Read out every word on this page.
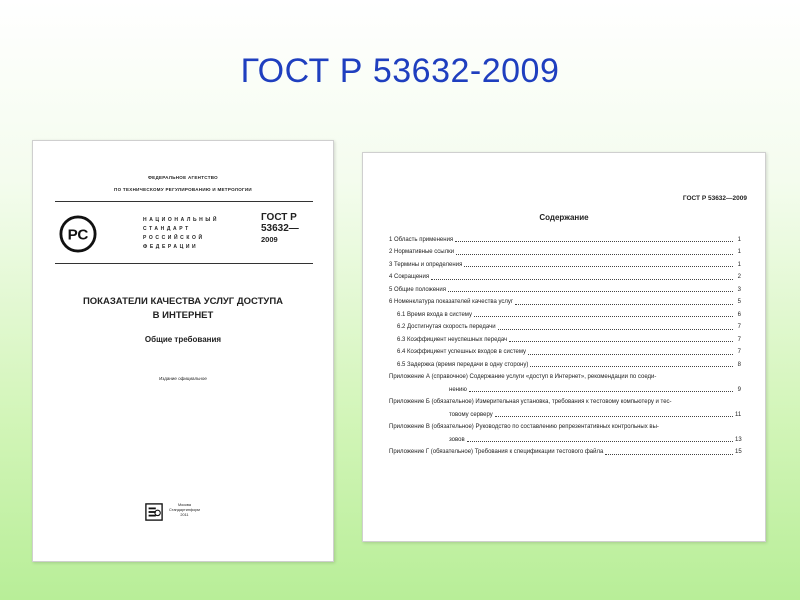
ГОСТ Р 53632-2009
ФЕДЕРАЛЬНОЕ АГЕНТСТВО
ПО ТЕХНИЧЕСКОМУ РЕГУЛИРОВАНИЮ И МЕТРОЛОГИИ
РС
НАЦИОНАЛЬНЫЙ
СТАНДАРТ
РОССИЙСКОЙ
ФЕДЕРАЦИИ
ГОСТ Р
53632—
2009
ПОКАЗАТЕЛИ КАЧЕСТВА УСЛУГ ДОСТУПА
В ИНТЕРНЕТ
Общие требования
Издание официальное
Москва
Стандартинформ
2011
ГОСТ Р 53632—2009
Содержание
1 Область применения	1
2 Нормативные ссылки	1
3 Термины и определения	1
4 Сокращения	2
5 Общие положения	3
6 Номенклатура показателей качества услуг	5
6.1 Время входа в систему	6
6.2 Достигнутая скорость передачи	7
6.3 Коэффициент неуспешных передач	7
6.4 Коэффициент успешных входов в систему	7
6.5 Задержка (время передачи в одну сторону)	8
Приложение А (справочное) Содержание услуги «доступ в Интернет», рекомендации по соеди-
нению	9
Приложение Б (обязательное) Измерительная установка, требования к тестовому компьютеру и тес-
товому серверу	11
Приложение В (обязательное) Руководство по составлению репрезентативных контрольных вы-
зовов	13
Приложение Г (обязательное) Требования к спецификации тестового файла	15
